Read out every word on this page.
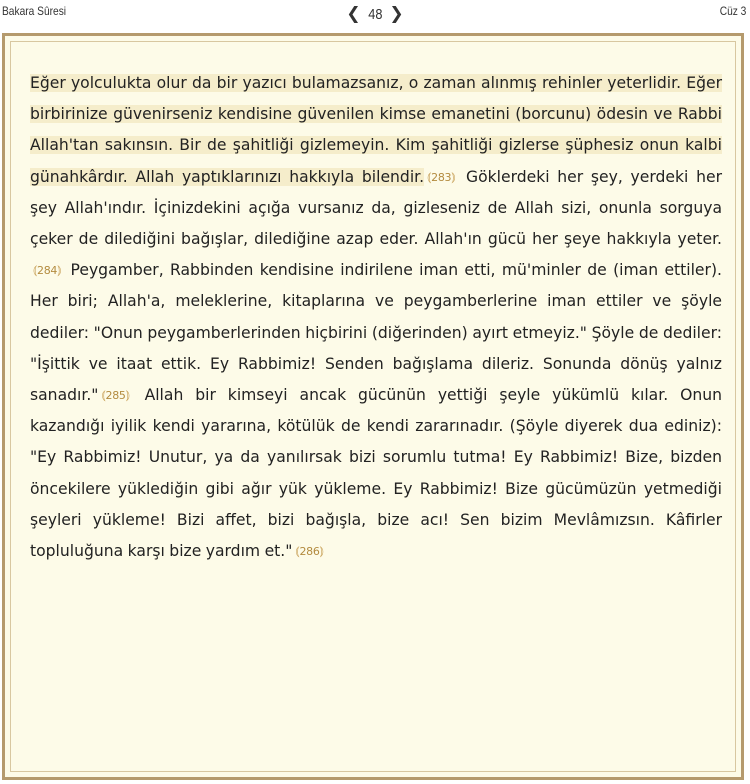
Bakara Sûresi	❮ 48 ❯	Cüz 3
Eğer yolculukta olur da bir yazıcı bulamazsanız, o zaman alınmış rehinler yeterlidir. Eğer birbirinize güvenirseniz kendisine güvenilen kimse emanetini (borcunu) ödesin ve Rabbi Allah'tan sakınsın. Bir de şahitliği gizlemeyin. Kim şahitliği gizlerse şüphesiz onun kalbi günahkârdır. Allah yaptıklarınızı hakkıyla bilendir. ⦅ 283 ⦆ Göklerdeki her şey, yerdeki her şey Allah'ındır. İçinizdekini açığa vursanız da, gizleseniz de Allah sizi, onunla sorguya çeker de dilediğini bağışlar, dilediğine azap eder. Allah'ın gücü her şeye hakkıyla yeter.
⦅ 284 ⦆ Peygamber, Rabbinden kendisine indirilene iman etti, mü'minler de (iman ettiler). Her biri; Allah'a, meleklerine, kitaplarına ve peygamberlerine iman ettiler ve şöyle dediler: "Onun peygamberlerinden hiçbirini (diğerinden) ayırt etmeyiz." Şöyle de dediler: "İşittik ve itaat ettik. Ey Rabbimiz! Senden bağışlama dileriz. Sonunda dönüş yalnız sanadır." ⦅ 285 ⦆ Allah bir kimseyi ancak gücünün yettiği şeyle yükümlü kılar. Onun kazandığı iyilik kendi yararına, kötülük de kendi zararınadır. (Şöyle diyerek dua ediniz): "Ey Rabbimiz! Unutur, ya da yanılırsak bizi sorumlu tutma! Ey Rabbimiz! Bize, bizden öncekilere yüklediğin gibi ağır yük yükleme. Ey Rabbimiz! Bize gücümüzün yetmediği şeyleri yükleme! Bizi affet, bizi bağışla, bize acı! Sen bizim Mevlâmızsın. Kâfirler topluluğuna karşı bize yardım et." ⦅ 286 ⦆
